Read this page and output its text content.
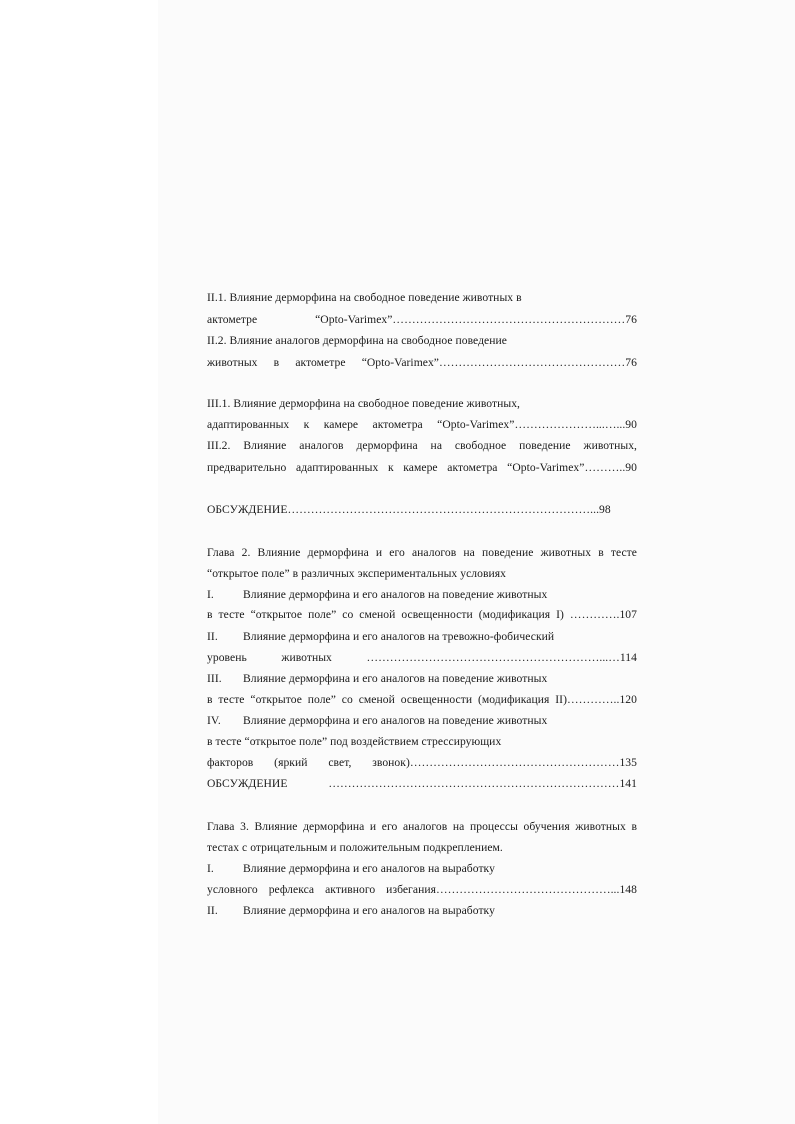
II.1. Влияние дерморфина на свободное поведение животных в
актометре “Opto-Varimex”……………………………………………………76
II.2. Влияние аналогов дерморфина на свободное поведение
животных в актометре “Opto-Varimex”…………………………………………76
III.1. Влияние дерморфина на свободное поведение животных,
адаптированных к камере актометра “Opto-Varimex”…………………...…...90
III.2. Влияние аналогов дерморфина на свободное поведение животных,
предварительно адаптированных к камере актометра “Opto-Varimex”………..90
ОБСУЖДЕНИЕ……………………………………………………………………...98
Глава 2. Влияние дерморфина и его аналогов на поведение животных в тесте
“открытое поле” в различных экспериментальных условиях
I.	Влияние дерморфина и его аналогов на поведение животных
в тесте “открытое поле” со сменой освещенности (модификация I) ………….107
II.	Влияние дерморфина и его аналогов на тревожно-фобический
уровень животных ……………………………………………………...…114
III.	Влияние дерморфина и его аналогов на поведение животных
в тесте “открытое поле” со сменой освещенности (модификация II)…………..120
IV.	Влияние дерморфина и его аналогов на поведение животных
в тесте “открытое поле” под воздействием стрессирующих
факторов (яркий свет, звонок)………………………………………………135
ОБСУЖДЕНИЕ …………………………………………………………………141
Глава 3. Влияние дерморфина и его аналогов на процессы обучения животных в
тестах с отрицательным и положительным подкреплением.
I.	Влияние дерморфина и его аналогов на выработку
условного рефлекса активного избегания………………………………………...148
II.	Влияние дерморфина и его аналогов на выработку
